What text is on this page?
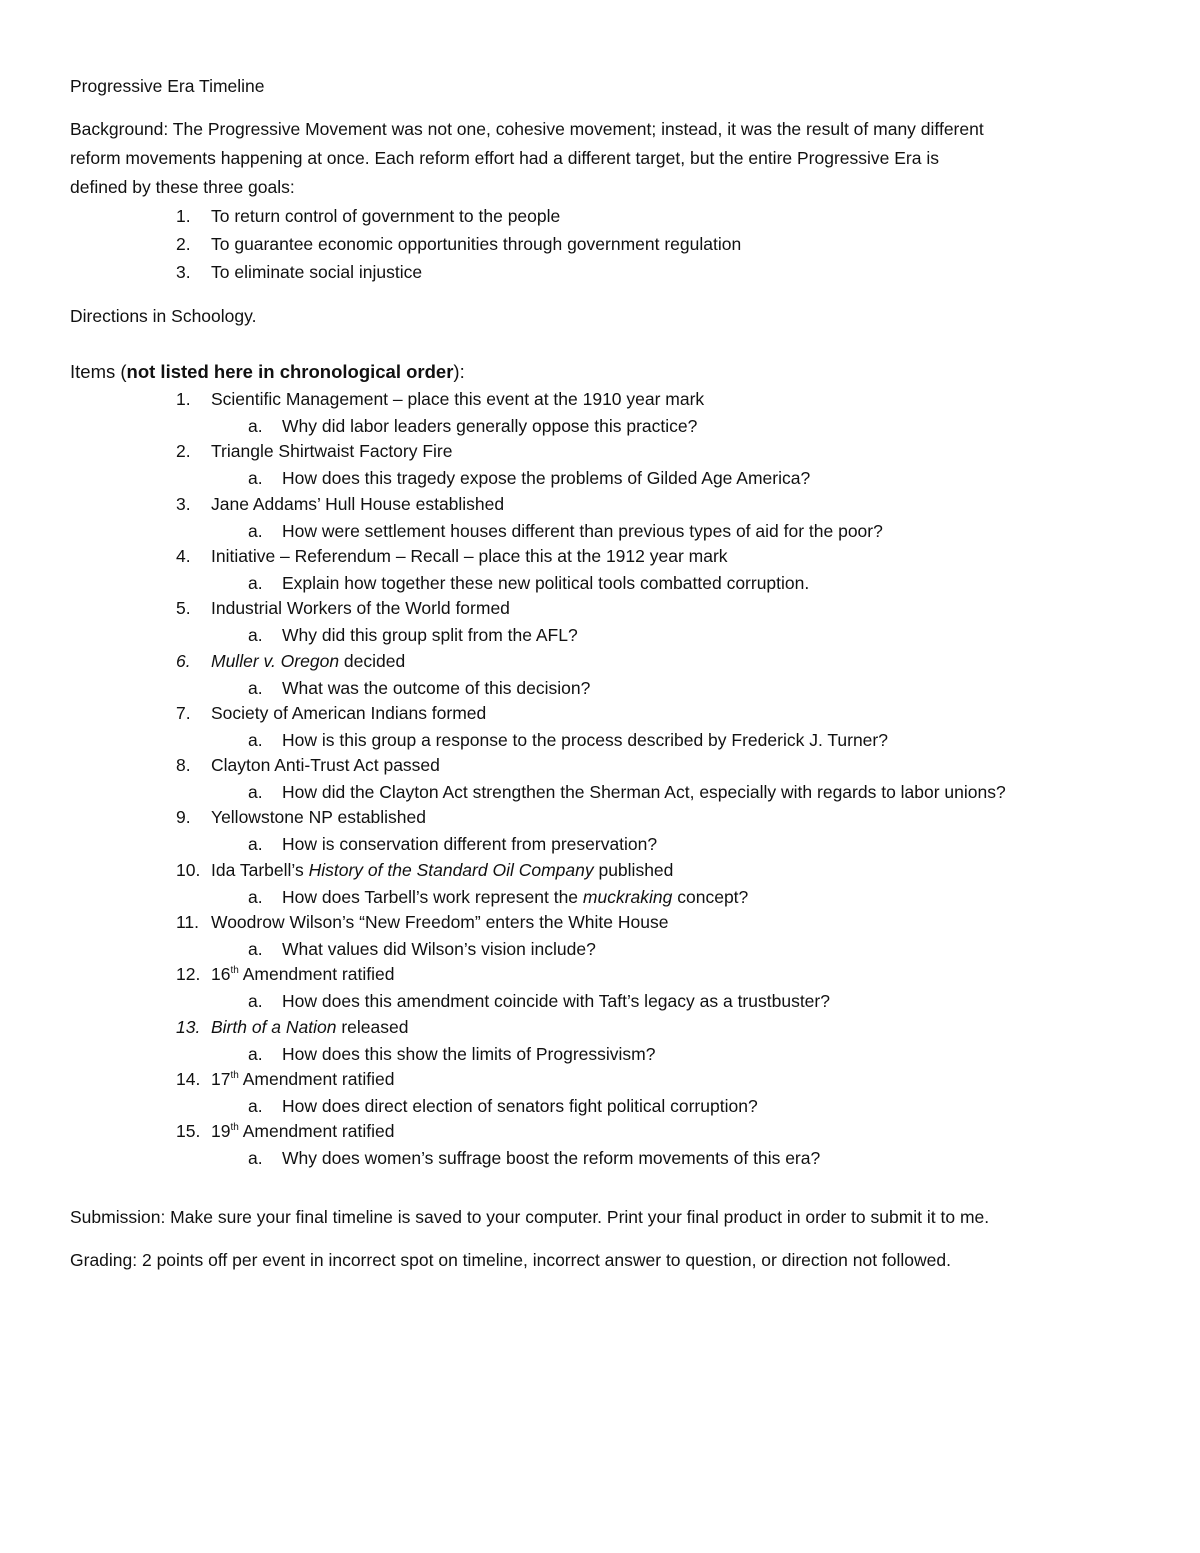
Progressive Era Timeline
Background: The Progressive Movement was not one, cohesive movement; instead, it was the result of many different
reform movements happening at once. Each reform effort had a different target, but the entire Progressive Era is
defined by these three goals:
1. To return control of government to the people
2. To guarantee economic opportunities through government regulation
3. To eliminate social injustice
Directions in Schoology.
Items (not listed here in chronological order):
1. Scientific Management – place this event at the 1910 year mark
a. Why did labor leaders generally oppose this practice?
2. Triangle Shirtwaist Factory Fire
a. How does this tragedy expose the problems of Gilded Age America?
3. Jane Addams’ Hull House established
a. How were settlement houses different than previous types of aid for the poor?
4. Initiative – Referendum – Recall – place this at the 1912 year mark
a. Explain how together these new political tools combatted corruption.
5. Industrial Workers of the World formed
a. Why did this group split from the AFL?
6. Muller v. Oregon decided
a. What was the outcome of this decision?
7. Society of American Indians formed
a. How is this group a response to the process described by Frederick J. Turner?
8. Clayton Anti-Trust Act passed
a. How did the Clayton Act strengthen the Sherman Act, especially with regards to labor unions?
9. Yellowstone NP established
a. How is conservation different from preservation?
10. Ida Tarbell’s History of the Standard Oil Company published
a. How does Tarbell’s work represent the muckraking concept?
11. Woodrow Wilson’s “New Freedom” enters the White House
a. What values did Wilson’s vision include?
12. 16th Amendment ratified
a. How does this amendment coincide with Taft’s legacy as a trustbuster?
13. Birth of a Nation released
a. How does this show the limits of Progressivism?
14. 17th Amendment ratified
a. How does direct election of senators fight political corruption?
15. 19th Amendment ratified
a. Why does women’s suffrage boost the reform movements of this era?
Submission: Make sure your final timeline is saved to your computer. Print your final product in order to submit it to me.
Grading: 2 points off per event in incorrect spot on timeline, incorrect answer to question, or direction not followed.
